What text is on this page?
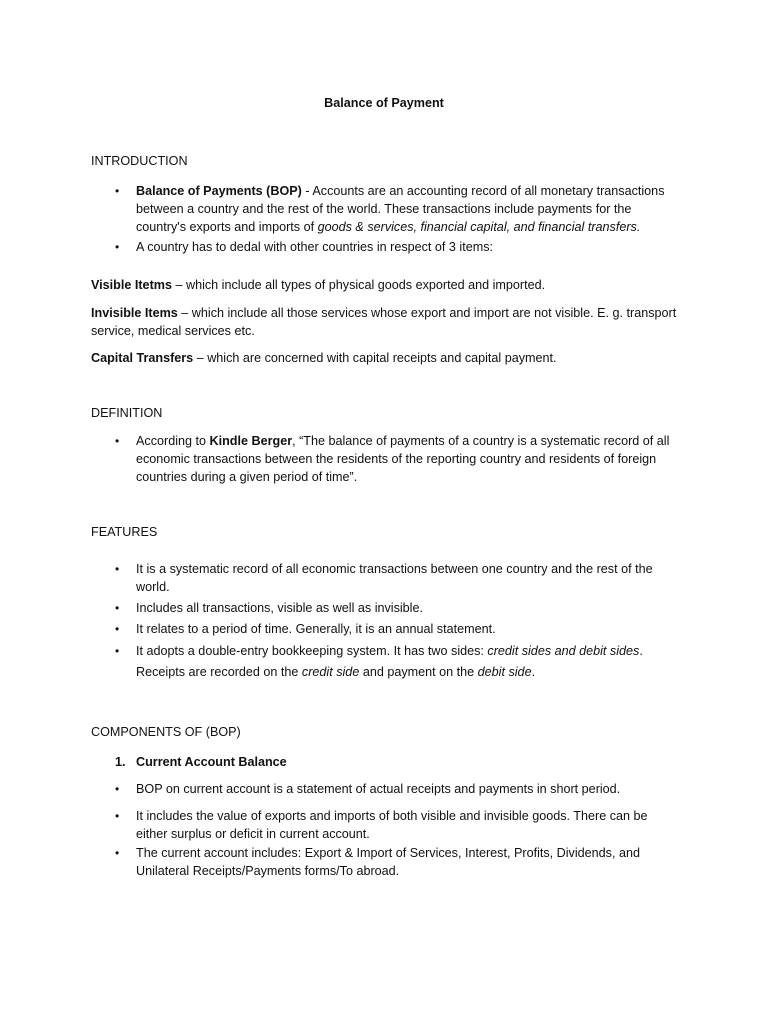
Balance of Payment
INTRODUCTION
• Balance of Payments (BOP) - Accounts are an accounting record of all monetary transactions between a country and the rest of the world. These transactions include payments for the country's exports and imports of goods & services, financial capital, and financial transfers.
• A country has to dedal with other countries in respect of 3 items:

Visible Itetms – which include all types of physical goods exported and imported.

Invisible Items – which include all those services whose export and import are not visible. E. g. transport service, medical services etc.

Capital Transfers – which are concerned with capital receipts and capital payment.

DEFINITION
• According to Kindle Berger, “The balance of payments of a country is a systematic record of all economic transactions between the residents of the reporting country and residents of foreign countries during a given period of time”.
FEATURES
• It is a systematic record of all economic transactions between one country and the rest of the world.
• Includes all transactions, visible as well as invisible.
• It relates to a period of time. Generally, it is an annual statement.
• It adopts a double-entry bookkeeping system. It has two sides: credit sides and debit sides. Receipts are recorded on the credit side and payment on the debit side.
COMPONENTS OF (BOP)
1. Current Account Balance
• BOP on current account is a statement of actual receipts and payments in short period.
• It includes the value of exports and imports of both visible and invisible goods. There can be either surplus or deficit in current account.
• The current account includes: Export & Import of Services, Interest, Profits, Dividends, and Unilateral Receipts/Payments forms/To abroad.
